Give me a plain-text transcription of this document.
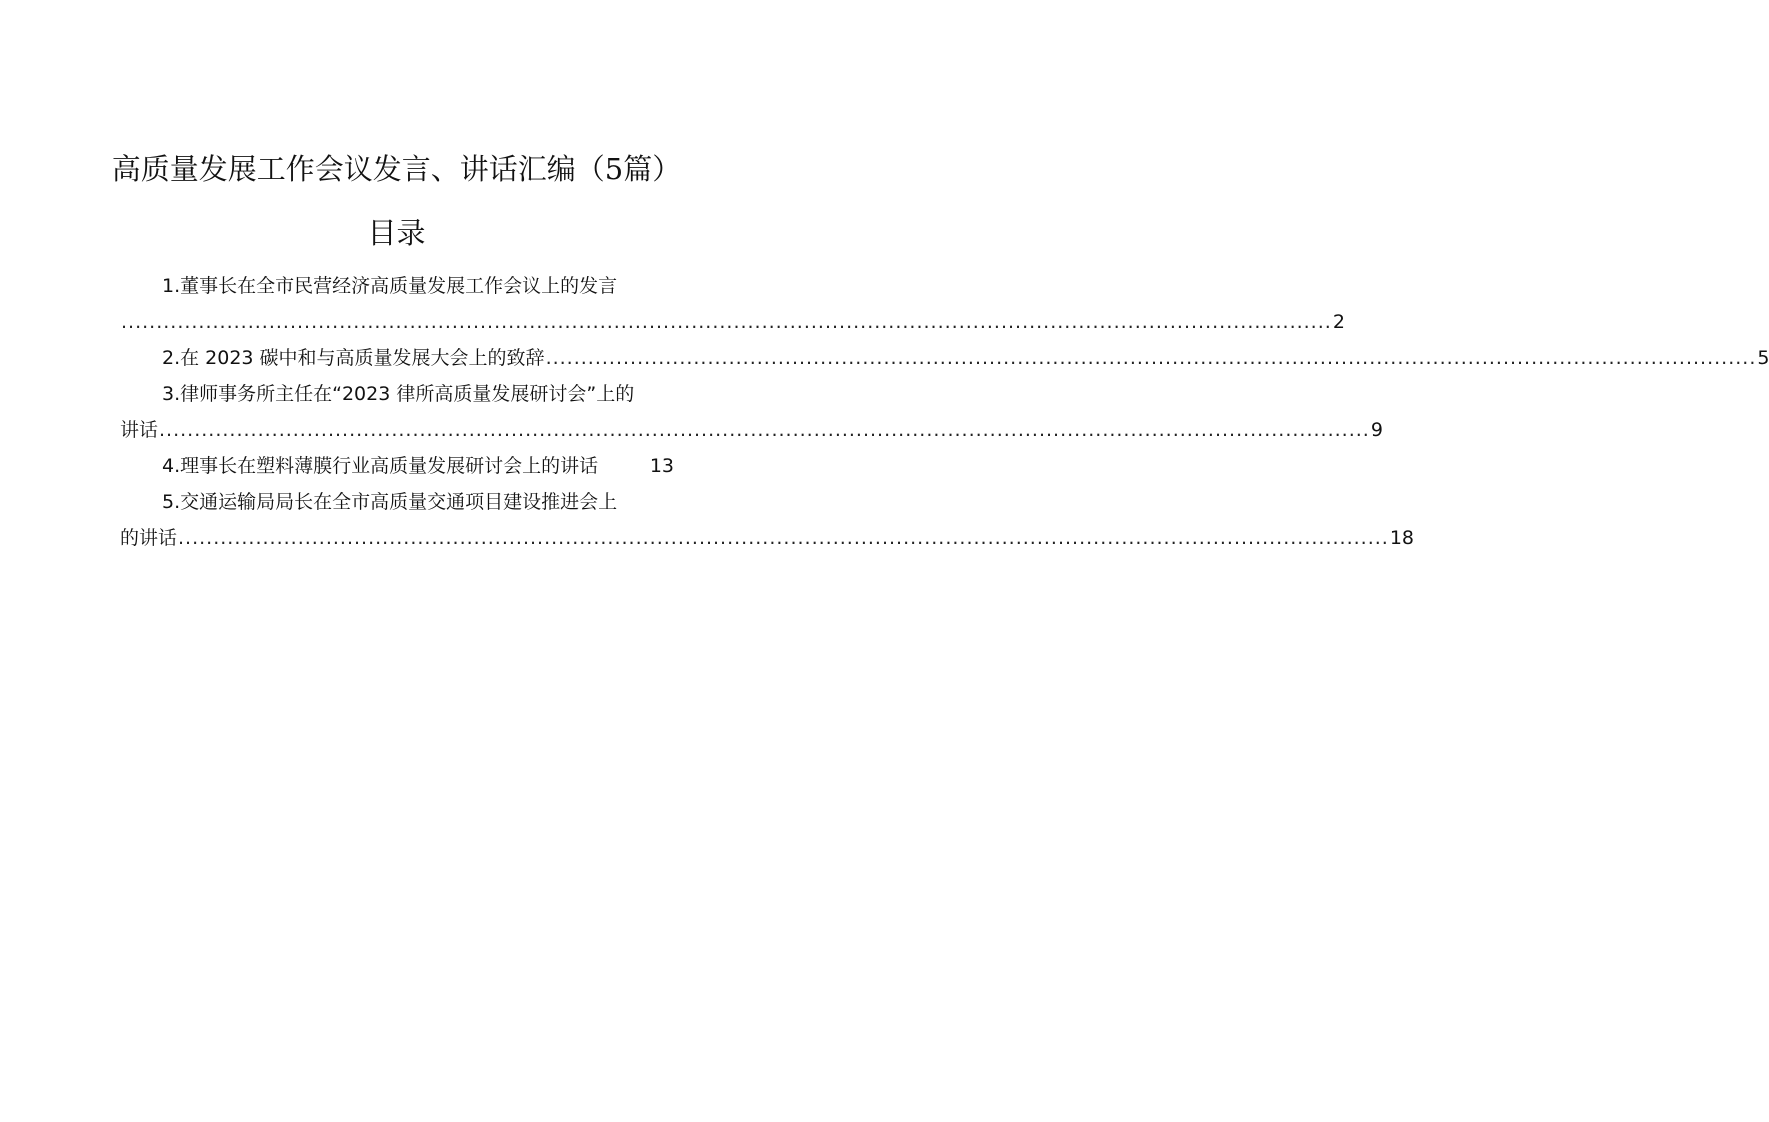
高质量发展工作会议发言、讲话汇编（5篇）
目录
1.董事长在全市民营经济高质量发展工作会议上的发言
............................................................................................................................................................................ 2
2.在 2023 碳中和与高质量发展大会上的致辞 ............................................................................................................................................................................ 5
3.律师事务所主任在“2023 律所高质量发展研讨会”上的
讲话 ............................................................................................................................................................................ 9
4.理事长在塑料薄膜行业高质量发展研讨会上的讲话	13
5.交通运输局局长在全市高质量交通项目建设推进会上
的讲话 ............................................................................................................................................................................ 18
